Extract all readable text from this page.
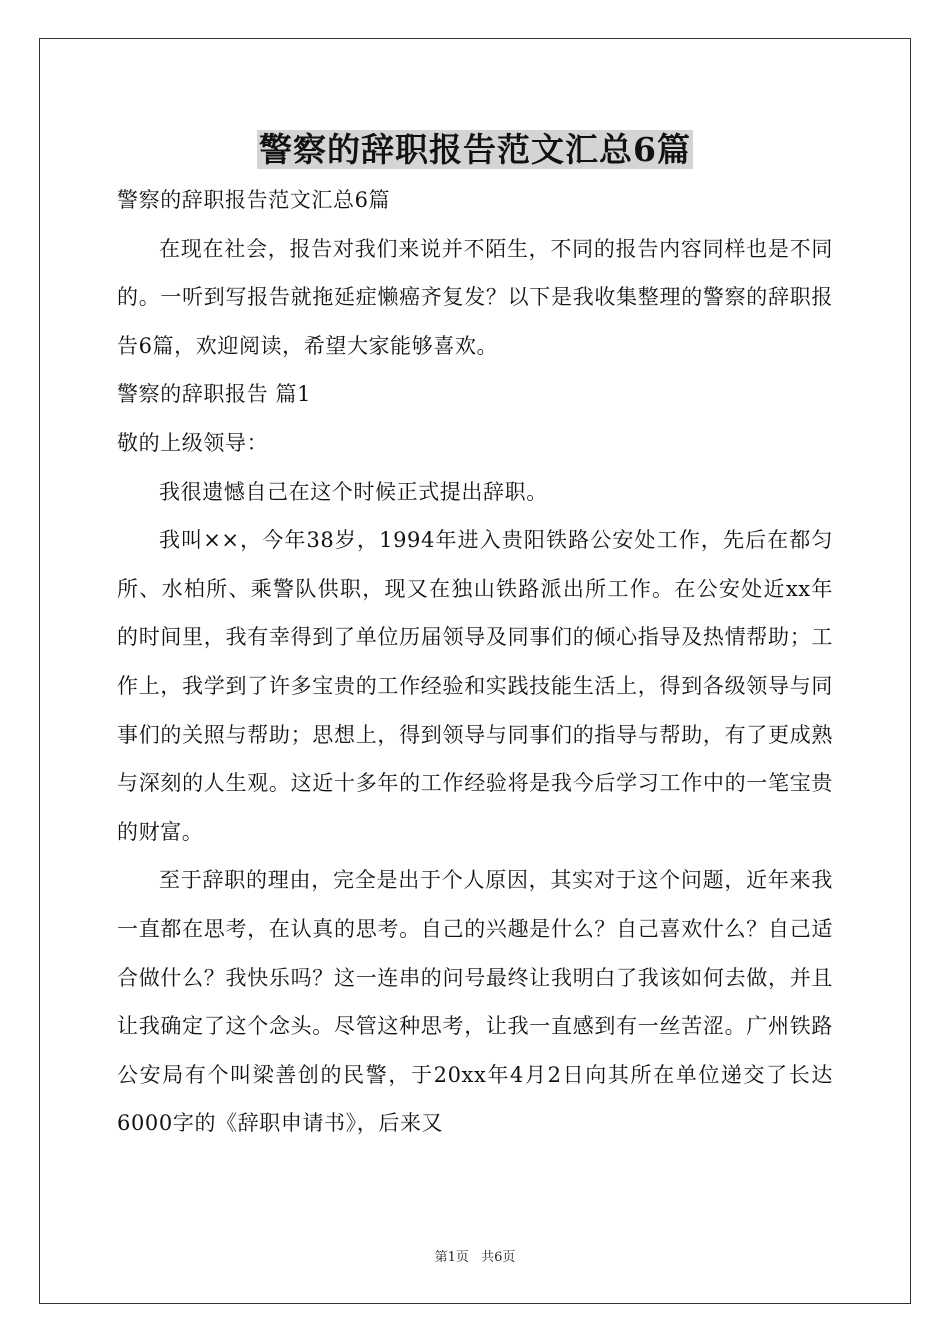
警察的辞职报告范文汇总6篇

警察的辞职报告范文汇总6篇

在现在社会，报告对我们来说并不陌生，不同的报告内容同样也是不同的。一听到写报告就拖延症懒癌齐复发？以下是我收集整理的警察的辞职报告6篇，欢迎阅读，希望大家能够喜欢。

警察的辞职报告 篇1

敬的上级领导：

我很遗憾自己在这个时候正式提出辞职。

我叫××，今年38岁，1994年进入贵阳铁路公安处工作，先后在都匀所、水柏所、乘警队供职，现又在独山铁路派出所工作。在公安处近xx年的时间里，我有幸得到了单位历届领导及同事们的倾心指导及热情帮助；工作上，我学到了许多宝贵的工作经验和实践技能生活上，得到各级领导与同事们的关照与帮助；思想上，得到领导与同事们的指导与帮助，有了更成熟与深刻的人生观。这近十多年的工作经验将是我今后学习工作中的一笔宝贵的财富。

至于辞职的理由，完全是出于个人原因，其实对于这个问题，近年来我一直都在思考，在认真的思考。自己的兴趣是什么？自己喜欢什么？自己适合做什么？我快乐吗？这一连串的问号最终让我明白了我该如何去做，并且让我确定了这个念头。尽管这种思考，让我一直感到有一丝苦涩。广州铁路公安局有个叫梁善创的民警，于20xx年4月2日向其所在单位递交了长达6000字的《辞职申请书》，后来又

第1页 共6页
